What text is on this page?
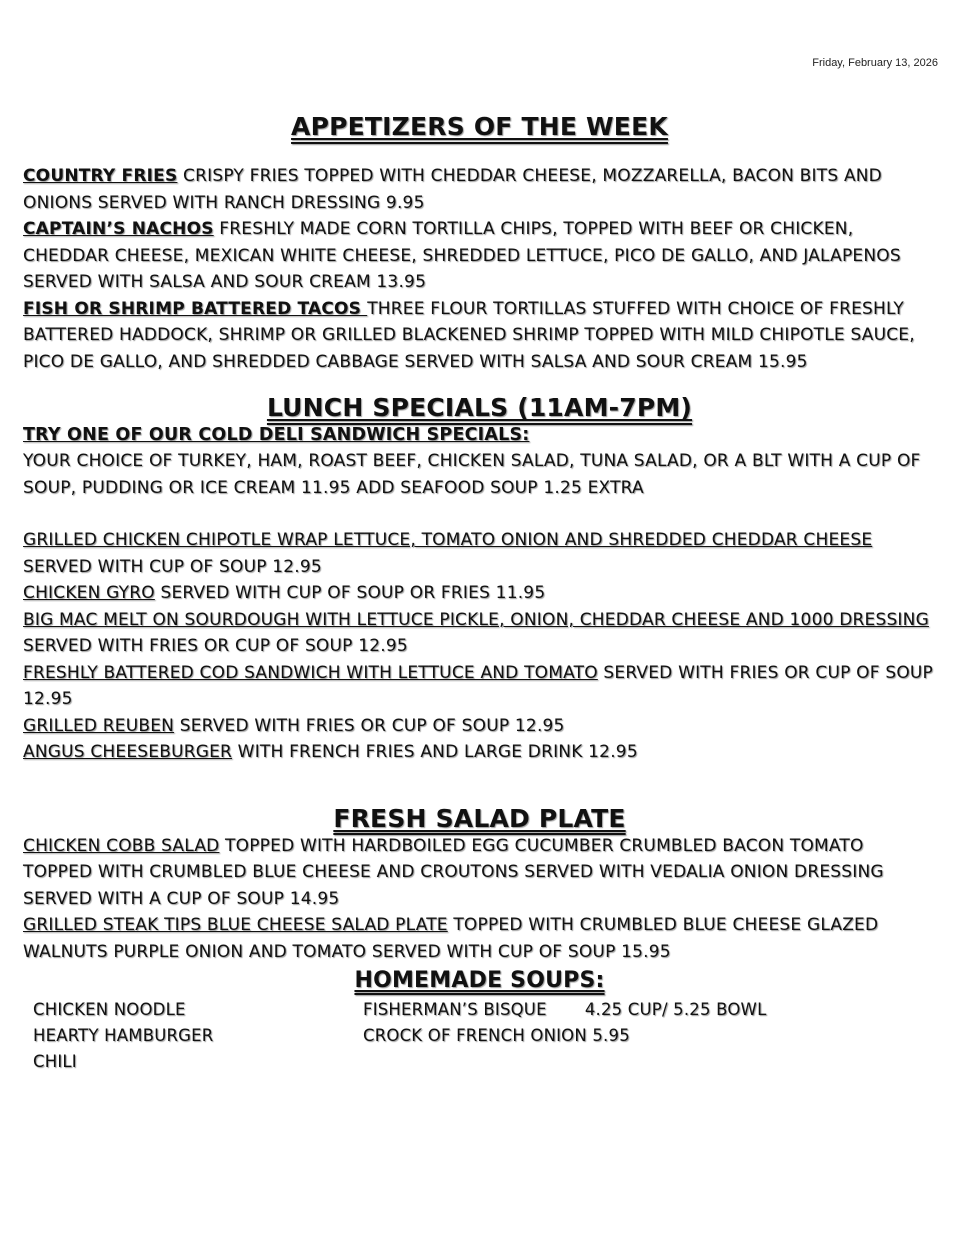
Friday, February 13, 2026
APPETIZERS OF THE WEEK

COUNTRY FRIES CRISPY FRIES TOPPED WITH CHEDDAR CHEESE, MOZZARELLA, BACON BITS AND ONIONS SERVED WITH RANCH DRESSING 9.95

CAPTAIN’S NACHOS FRESHLY MADE CORN TORTILLA CHIPS, TOPPED WITH BEEF OR CHICKEN, CHEDDAR CHEESE, MEXICAN WHITE CHEESE, SHREDDED LETTUCE, PICO DE GALLO, AND JALAPENOS SERVED WITH SALSA AND SOUR CREAM 13.95

FISH OR SHRIMP BATTERED TACOS THREE FLOUR TORTILLAS STUFFED WITH CHOICE OF FRESHLY BATTERED HADDOCK, SHRIMP OR GRILLED BLACKENED SHRIMP TOPPED WITH MILD CHIPOTLE SAUCE, PICO DE GALLO, AND SHREDDED CABBAGE SERVED WITH SALSA AND SOUR CREAM 15.95

LUNCH SPECIALS (11AM-7PM)

TRY ONE OF OUR COLD DELI SANDWICH SPECIALS:

YOUR CHOICE OF TURKEY, HAM, ROAST BEEF, CHICKEN SALAD, TUNA SALAD, OR A BLT WITH A CUP OF SOUP, PUDDING OR ICE CREAM 11.95 ADD SEAFOOD SOUP 1.25 EXTRA

GRILLED CHICKEN CHIPOTLE WRAP LETTUCE, TOMATO ONION AND SHREDDED CHEDDAR CHEESE SERVED WITH CUP OF SOUP 12.95

CHICKEN GYRO SERVED WITH CUP OF SOUP OR FRIES 11.95

BIG MAC MELT ON SOURDOUGH WITH LETTUCE PICKLE, ONION, CHEDDAR CHEESE AND 1000 DRESSING SERVED WITH FRIES OR CUP OF SOUP 12.95

FRESHLY BATTERED COD SANDWICH WITH LETTUCE AND TOMATO SERVED WITH FRIES OR CUP OF SOUP 12.95

GRILLED REUBEN SERVED WITH FRIES OR CUP OF SOUP 12.95

ANGUS CHEESEBURGER WITH FRENCH FRIES AND LARGE DRINK 12.95

FRESH SALAD PLATE

CHICKEN COBB SALAD TOPPED WITH HARDBOILED EGG CUCUMBER CRUMBLED BACON TOMATO TOPPED WITH CRUMBLED BLUE CHEESE AND CROUTONS SERVED WITH VEDALIA ONION DRESSING SERVED WITH A CUP OF SOUP 14.95

GRILLED STEAK TIPS BLUE CHEESE SALAD PLATE TOPPED WITH CRUMBLED BLUE CHEESE GLAZED WALNUTS PURPLE ONION AND TOMATO SERVED WITH CUP OF SOUP 15.95

HOMEMADE SOUPS:
CHICKEN NOODLE
HEARTY HAMBURGER
CHILI
FISHERMAN’S BISQUE       4.25 CUP/ 5.25 BOWL
CROCK OF FRENCH ONION 5.95
